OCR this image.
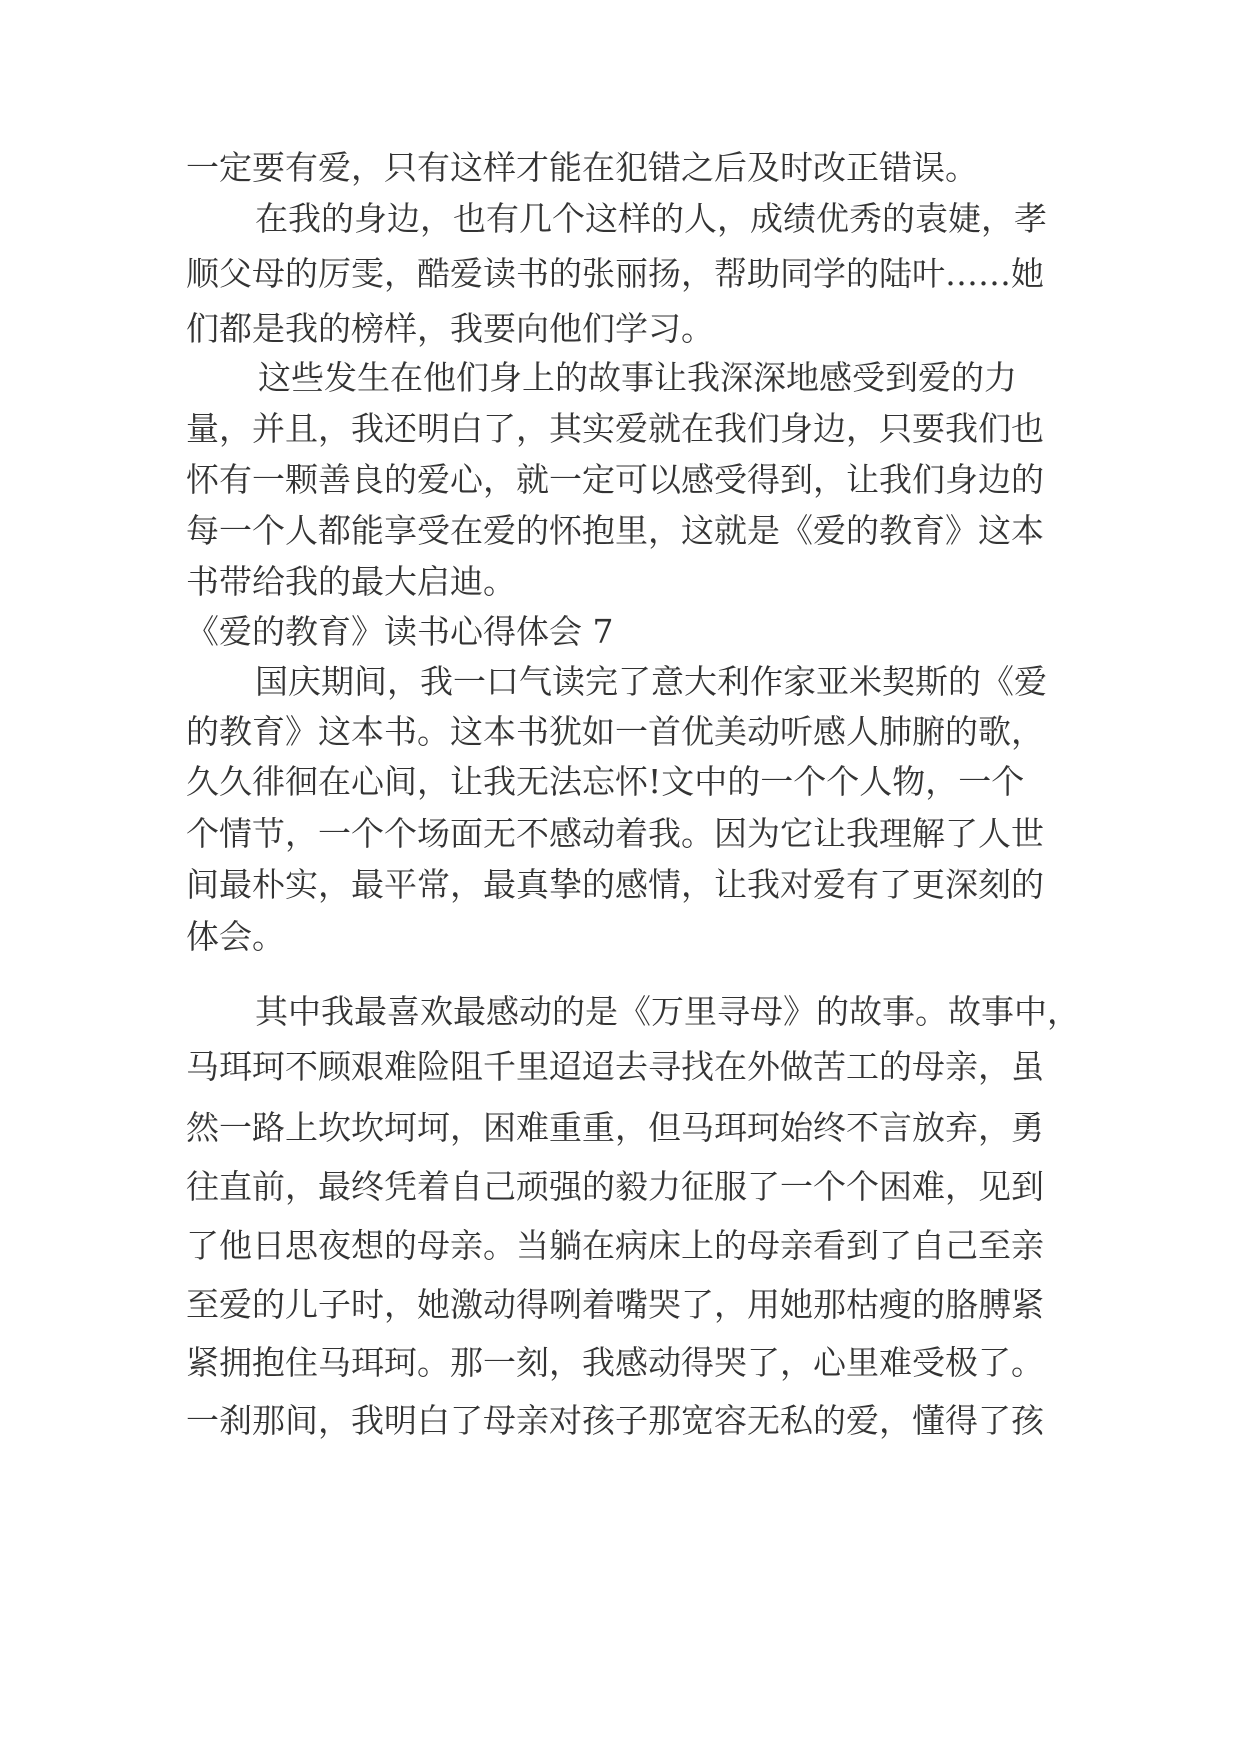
一定要有爱，只有这样才能在犯错之后及时改正错误。
在我的身边，也有几个这样的人，成绩优秀的袁婕，孝
顺父母的厉雯，酷爱读书的张丽扬，帮助同学的陆叶……她
们都是我的榜样，我要向他们学习。
这些发生在他们身上的故事让我深深地感受到爱的力
量，并且，我还明白了，其实爱就在我们身边，只要我们也
怀有一颗善良的爱心，就一定可以感受得到，让我们身边的
每一个人都能享受在爱的怀抱里，这就是《爱的教育》这本
书带给我的最大启迪。
《爱的教育》读书心得体会 7
国庆期间，我一口气读完了意大利作家亚米契斯的《爱
的教育》这本书。这本书犹如一首优美动听感人肺腑的歌，
久久徘徊在心间，让我无法忘怀!文中的一个个人物，一个
个情节，一个个场面无不感动着我。因为它让我理解了人世
间最朴实，最平常，最真挚的感情，让我对爱有了更深刻的
体会。
其中我最喜欢最感动的是《万里寻母》的故事。故事中，
马珥珂不顾艰难险阻千里迢迢去寻找在外做苦工的母亲，虽
然一路上坎坎坷坷，困难重重，但马珥珂始终不言放弃，勇
往直前，最终凭着自己顽强的毅力征服了一个个困难，见到
了他日思夜想的母亲。当躺在病床上的母亲看到了自己至亲
至爱的儿子时，她激动得咧着嘴哭了，用她那枯瘦的胳膊紧
紧拥抱住马珥珂。那一刻，我感动得哭了，心里难受极了。
一刹那间，我明白了母亲对孩子那宽容无私的爱，懂得了孩
